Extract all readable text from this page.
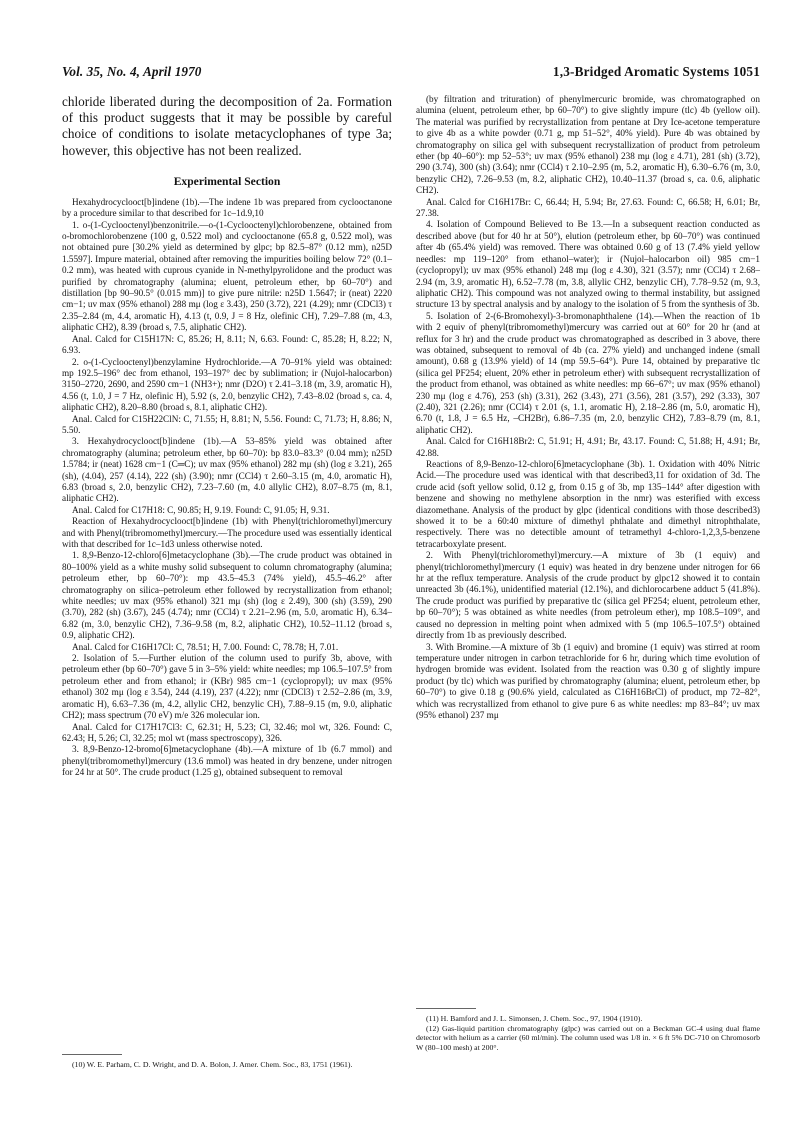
Vol. 35, No. 4, April 1970	1,3-Bridged Aromatic Systems 1051

chloride liberated during the decomposition of 2a. Formation of this product suggests that it may be possible by careful choice of conditions to isolate metacyclophanes of type 3a; however, this objective has not been realized.

Experimental Section

Hexahydrocyclooct[b]indene (1b).—The indene 1b was prepared from cyclooctanone by a procedure similar to that described for 1c–1d.9,10

1. o-(1-Cyclooctenyl)benzonitrile.—o-(1-Cyclooctenyl)chlorobenzene, obtained from o-bromochlorobenzene (100 g, 0.522 mol) and cyclooctanone (65.8 g, 0.522 mol), was not obtained pure [30.2% yield as determined by glpc; bp 82.5–87° (0.12 mm), n25D 1.5597]. Impure material, obtained after removing the impurities boiling below 72° (0.1–0.2 mm), was heated with cuprous cyanide in N-methylpyrolidone and the product was purified by chromatography (alumina; eluent, petroleum ether, bp 60–70°) and distillation [bp 90–90.5° (0.015 mm)] to give pure nitrile: n25D 1.5647; ir (neat) 2220 cm−1; uv max (95% ethanol) 288 mμ (log ε 3.43), 250 (3.72), 221 (4.29); nmr (CDCl3) τ 2.35–2.84 (m, 4.4, aromatic H), 4.13 (t, 0.9, J = 8 Hz, olefinic CH), 7.29–7.88 (m, 4.3, aliphatic CH2), 8.39 (broad s, 7.5, aliphatic CH2).

Anal. Calcd for C15H17N: C, 85.26; H, 8.11; N, 6.63. Found: C, 85.28; H, 8.22; N, 6.93.

2. o-(1-Cyclooctenyl)benzylamine Hydrochloride.—A 70–91% yield was obtained: mp 192.5–196° dec from ethanol, 193–197° dec by sublimation; ir (Nujol-halocarbon) 3150–2720, 2690, and 2590 cm−1 (NH3+); nmr (D2O) τ 2.41–3.18 (m, 3.9, aromatic H), 4.56 (t, 1.0, J = 7 Hz, olefinic H), 5.92 (s, 2.0, benzylic CH2), 7.43–8.02 (broad s, ca. 4, aliphatic CH2), 8.20–8.80 (broad s, 8.1, aliphatic CH2).

Anal. Calcd for C15H22ClN: C, 71.55; H, 8.81; N, 5.56. Found: C, 71.73; H, 8.86; N, 5.50.

3. Hexahydrocyclooct[b]indene (1b).—A 53–85% yield was obtained after chromatography (alumina; petroleum ether, bp 60–70): bp 83.0–83.3° (0.04 mm); n25D 1.5784; ir (neat) 1628 cm−1 (C═C); uv max (95% ethanol) 282 mμ (sh) (log ε 3.21), 265 (sh), (4.04), 257 (4.14), 222 (sh) (3.90); nmr (CCl4) τ 2.60–3.15 (m, 4.0, aromatic H), 6.83 (broad s, 2.0, benzylic CH2), 7.23–7.60 (m, 4.0 allylic CH2), 8.07–8.75 (m, 8.1, aliphatic CH2).

Anal. Calcd for C17H18: C, 90.85; H, 9.19. Found: C, 91.05; H, 9.31.

Reaction of Hexahydrocyclooct[b]indene (1b) with Phenyl(trichloromethyl)mercury and with Phenyl(tribromomethyl)mercury.—The procedure used was essentially identical with that described for 1c–1d3 unless otherwise noted.

1. 8,9-Benzo-12-chloro[6]metacyclophane (3b).—The crude product was obtained in 80–100% yield as a white mushy solid subsequent to column chromatography (alumina; petroleum ether, bp 60–70°): mp 43.5–45.3 (74% yield), 45.5–46.2° after chromatography on silica–petroleum ether followed by recrystallization from ethanol; white needles; uv max (95% ethanol) 321 mμ (sh) (log ε 2.49), 300 (sh) (3.59), 290 (3.70), 282 (sh) (3.67), 245 (4.74); nmr (CCl4) τ 2.21–2.96 (m, 5.0, aromatic H), 6.34–6.82 (m, 3.0, benzylic CH2), 7.36–9.58 (m, 8.2, aliphatic CH2), 10.52–11.12 (broad s, 0.9, aliphatic CH2).

Anal. Calcd for C16H17Cl: C, 78.51; H, 7.00. Found: C, 78.78; H, 7.01.

2. Isolation of 5.—Further elution of the column used to purify 3b, above, with petroleum ether (bp 60–70°) gave 5 in 3–5% yield: white needles; mp 106.5–107.5° from petroleum ether and from ethanol; ir (KBr) 985 cm−1 (cyclopropyl); uv max (95% ethanol) 302 mμ (log ε 3.54), 244 (4.19), 237 (4.22); nmr (CDCl3) τ 2.52–2.86 (m, 3.9, aromatic H), 6.63–7.36 (m, 4.2, allylic CH2, benzylic CH), 7.88–9.15 (m, 9.0, aliphatic CH2); mass spectrum (70 eV) m/e 326 molecular ion.

Anal. Calcd for C17H17Cl3: C, 62.31; H, 5.23; Cl, 32.46; mol wt, 326. Found: C, 62.43; H, 5.26; Cl, 32.25; mol wt (mass spectroscopy), 326.

3. 8,9-Benzo-12-bromo[6]metacyclophane (4b).—A mixture of 1b (6.7 mmol) and phenyl(tribromomethyl)mercury (13.6 mmol) was heated in dry benzene, under nitrogen for 24 hr at 50°. The crude product (1.25 g), obtained subsequent to removal

(10) W. E. Parham, C. D. Wright, and D. A. Bolon, J. Amer. Chem. Soc., 83, 1751 (1961).

(by filtration and trituration) of phenylmercuric bromide, was chromatographed on alumina (eluent, petroleum ether, bp 60–70°) to give slightly impure (tlc) 4b (yellow oil). The material was purified by recrystallization from pentane at Dry Ice-acetone temperature to give 4b as a white powder (0.71 g, mp 51–52°, 40% yield). Pure 4b was obtained by chromatography on silica gel with subsequent recrystallization of product from petroleum ether (bp 40–60°): mp 52–53°; uv max (95% ethanol) 238 mμ (log ε 4.71), 281 (sh) (3.72), 290 (3.74), 300 (sh) (3.64); nmr (CCl4) τ 2.10–2.95 (m, 5.2, aromatic H), 6.30–6.76 (m, 3.0, benzylic CH2), 7.26–9.53 (m, 8.2, aliphatic CH2), 10.40–11.37 (broad s, ca. 0.6, aliphatic CH2).

Anal. Calcd for C16H17Br: C, 66.44; H, 5.94; Br, 27.63. Found: C, 66.58; H, 6.01; Br, 27.38.

4. Isolation of Compound Believed to Be 13.—In a subsequent reaction conducted as described above (but for 40 hr at 50°), elution (petroleum ether, bp 60–70°) was continued after 4b (65.4% yield) was removed. There was obtained 0.60 g of 13 (7.4% yield yellow needles: mp 119–120° from ethanol–water); ir (Nujol–halocarbon oil) 985 cm−1 (cyclopropyl); uv max (95% ethanol) 248 mμ (log ε 4.30), 321 (3.57); nmr (CCl4) τ 2.68–2.94 (m, 3.9, aromatic H), 6.52–7.78 (m, 3.8, allylic CH2, benzylic CH), 7.78–9.52 (m, 9.3, aliphatic CH2). This compound was not analyzed owing to thermal instability, but assigned structure 13 by spectral analysis and by analogy to the isolation of 5 from the synthesis of 3b.

5. Isolation of 2-(6-Bromohexyl)-3-bromonaphthalene (14).—When the reaction of 1b with 2 equiv of phenyl(tribromomethyl)mercury was carried out at 60° for 20 hr (and at reflux for 3 hr) and the crude product was chromatographed as described in 3 above, there was obtained, subsequent to removal of 4b (ca. 27% yield) and unchanged indene (small amount), 0.68 g (13.9% yield) of 14 (mp 59.5–64°). Pure 14, obtained by preparative tlc (silica gel PF254; eluent, 20% ether in petroleum ether) with subsequent recrystallization of the product from ethanol, was obtained as white needles: mp 66–67°; uv max (95% ethanol) 230 mμ (log ε 4.76), 253 (sh) (3.31), 262 (3.43), 271 (3.56), 281 (3.57), 292 (3.33), 307 (2.40), 321 (2.26); nmr (CCl4) τ 2.01 (s, 1.1, aromatic H), 2.18–2.86 (m, 5.0, aromatic H), 6.70 (t, 1.8, J = 6.5 Hz, –CH2Br), 6.86–7.35 (m, 2.0, benzylic CH2), 7.83–8.79 (m, 8.1, aliphatic CH2).

Anal. Calcd for C16H18Br2: C, 51.91; H, 4.91; Br, 43.17. Found: C, 51.88; H, 4.91; Br, 42.88.

Reactions of 8,9-Benzo-12-chloro[6]metacyclophane (3b). 1. Oxidation with 40% Nitric Acid.—The procedure used was identical with that described3,11 for oxidation of 3d. The crude acid (soft yellow solid, 0.12 g, from 0.15 g of 3b, mp 135–144° after digestion with benzene and showing no methylene absorption in the nmr) was esterified with excess diazomethane. Analysis of the product by glpc (identical conditions with those described3) showed it to be a 60:40 mixture of dimethyl phthalate and dimethyl nitrophthalate, respectively. There was no detectible amount of tetramethyl 4-chloro-1,2,3,5-benzene tetracarboxylate present.

2. With Phenyl(trichloromethyl)mercury.—A mixture of 3b (1 equiv) and phenyl(trichloromethyl)mercury (1 equiv) was heated in dry benzene under nitrogen for 66 hr at the reflux temperature. Analysis of the crude product by glpc12 showed it to contain unreacted 3b (46.1%), unidentified material (12.1%), and dichlorocarbene adduct 5 (41.8%). The crude product was purified by preparative tlc (silica gel PF254; eluent, petroleum ether, bp 60–70°); 5 was obtained as white needles (from petroleum ether), mp 108.5–109°, and caused no depression in melting point when admixed with 5 (mp 106.5–107.5°) obtained directly from 1b as previously described.

3. With Bromine.—A mixture of 3b (1 equiv) and bromine (1 equiv) was stirred at room temperature under nitrogen in carbon tetrachloride for 6 hr, during which time evolution of hydrogen bromide was evident. Isolated from the reaction was 0.30 g of slightly impure product (by tlc) which was purified by chromatography (alumina; eluent, petroleum ether, bp 60–70°) to give 0.18 g (90.6% yield, calculated as C16H16BrCl) of product, mp 72–82°, which was recrystallized from ethanol to give pure 6 as white needles: mp 83–84°; uv max (95% ethanol) 237 mμ

(11) H. Bamford and J. L. Simonsen, J. Chem. Soc., 97, 1904 (1910).

(12) Gas-liquid partition chromatography (glpc) was carried out on a Beckman GC-4 using dual flame detector with helium as a carrier (60 ml/min). The column used was 1/8 in. × 6 ft 5% DC-710 on Chromosorb W (80–100 mesh) at 200°.
